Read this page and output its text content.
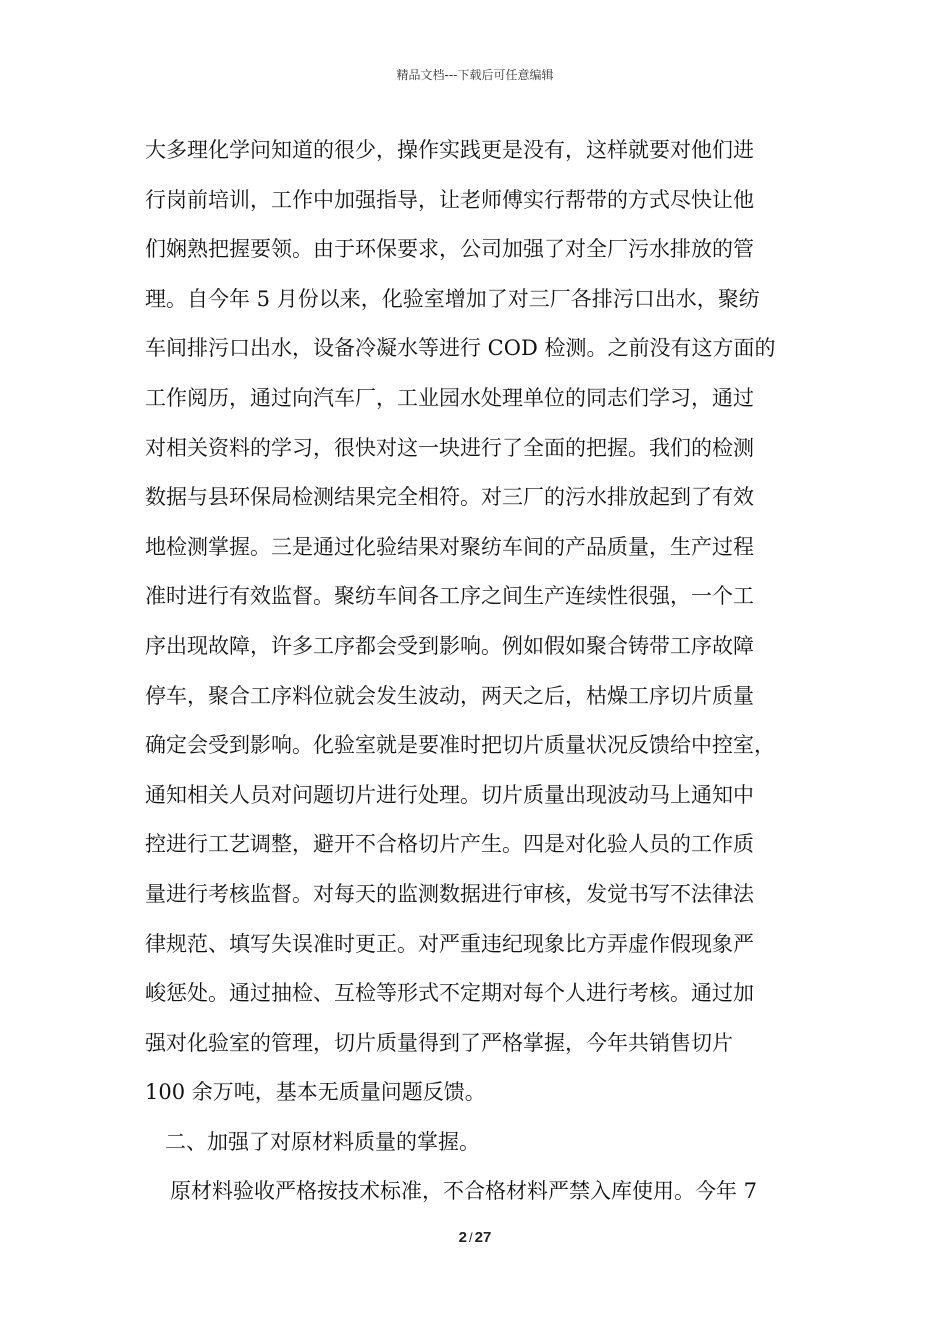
精品文档---下载后可任意编辑
大多理化学问知道的很少，操作实践更是没有，这样就要对他们进
行岗前培训，工作中加强指导，让老师傅实行帮带的方式尽快让他
们娴熟把握要领。由于环保要求，公司加强了对全厂污水排放的管
理。自今年 5 月份以来，化验室增加了对三厂各排污口出水，聚纺
车间排污口出水，设备冷凝水等进行 COD 检测。之前没有这方面的
工作阅历，通过向汽车厂，工业园水处理单位的同志们学习，通过
对相关资料的学习，很快对这一块进行了全面的把握。我们的检测
数据与县环保局检测结果完全相符。对三厂的污水排放起到了有效
地检测掌握。三是通过化验结果对聚纺车间的产品质量，生产过程
准时进行有效监督。聚纺车间各工序之间生产连续性很强，一个工
序出现故障，许多工序都会受到影响。例如假如聚合铸带工序故障
停车，聚合工序料位就会发生波动，两天之后，枯燥工序切片质量
确定会受到影响。化验室就是要准时把切片质量状况反馈给中控室，
通知相关人员对问题切片进行处理。切片质量出现波动马上通知中
控进行工艺调整，避开不合格切片产生。四是对化验人员的工作质
量进行考核监督。对每天的监测数据进行审核，发觉书写不法律法
律规范、填写失误准时更正。对严重违纪现象比方弄虚作假现象严
峻惩处。通过抽检、互检等形式不定期对每个人进行考核。通过加
强对化验室的管理，切片质量得到了严格掌握，今年共销售切片
100 余万吨，基本无质量问题反馈。
二、加强了对原材料质量的掌握。
原材料验收严格按技术标准，不合格材料严禁入库使用。今年 7
2 / 27
